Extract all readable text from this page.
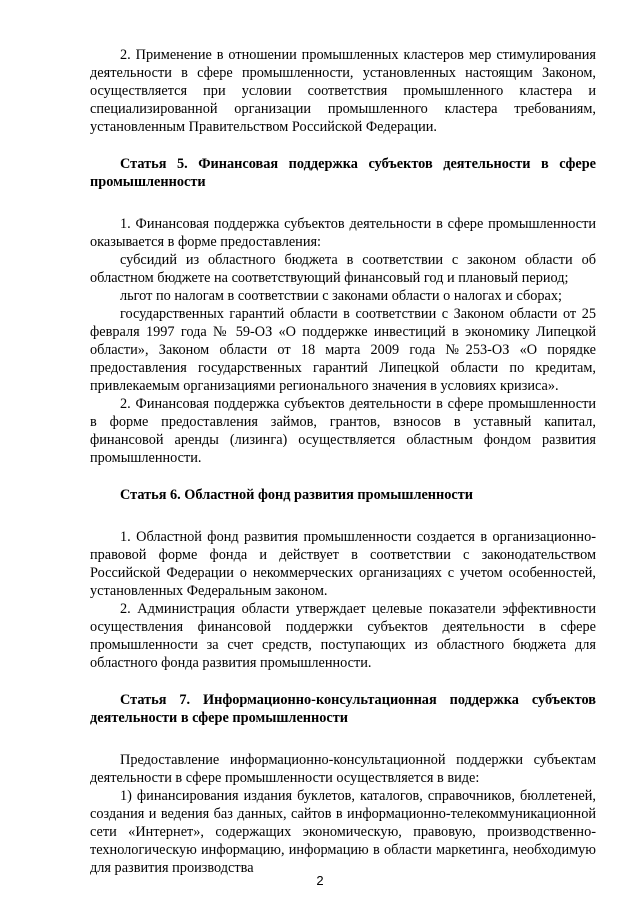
2. Применение в отношении промышленных кластеров мер стимулирования деятельности в сфере промышленности, установленных настоящим Законом, осуществляется при условии соответствия промышленного кластера и специализированной организации промышленного кластера требованиям, установленным Правительством Российской Федерации.

Статья 5. Финансовая поддержка субъектов деятельности в сфере промышленности

1. Финансовая поддержка субъектов деятельности в сфере промышленности оказывается в форме предоставления:

субсидий из областного бюджета в соответствии с законом области об областном бюджете на соответствующий финансовый год и плановый период;

льгот по налогам в соответствии с законами области о налогах и сборах;

государственных гарантий области в соответствии с Законом области от 25 февраля 1997 года № 59-ОЗ «О поддержке инвестиций в экономику Липецкой области», Законом области от 18 марта 2009 года №253-ОЗ «О порядке предоставления государственных гарантий Липецкой области по кредитам, привлекаемым организациями регионального значения в условиях кризиса».

2. Финансовая поддержка субъектов деятельности в сфере промышленности в форме предоставления займов, грантов, взносов в уставный капитал, финансовой аренды (лизинга) осуществляется областным фондом развития промышленности.

Статья 6. Областной фонд развития промышленности

1. Областной фонд развития промышленности создается в организационно-правовой форме фонда и действует в соответствии с законодательством Российской Федерации о некоммерческих организациях с учетом особенностей, установленных Федеральным законом.

2. Администрация области утверждает целевые показатели эффективности осуществления финансовой поддержки субъектов деятельности в сфере промышленности за счет средств, поступающих из областного бюджета для областного фонда развития промышленности.

Статья 7. Информационно-консультационная поддержка субъектов деятельности в сфере промышленности

Предоставление информационно-консультационной поддержки субъектам деятельности в сфере промышленности осуществляется в виде:

1) финансирования издания буклетов, каталогов, справочников, бюллетеней, создания и ведения баз данных, сайтов в информационно-телекоммуникационной сети «Интернет», содержащих экономическую, правовую, производственно-технологическую информацию, информацию в области маркетинга, необходимую для развития производства

2
